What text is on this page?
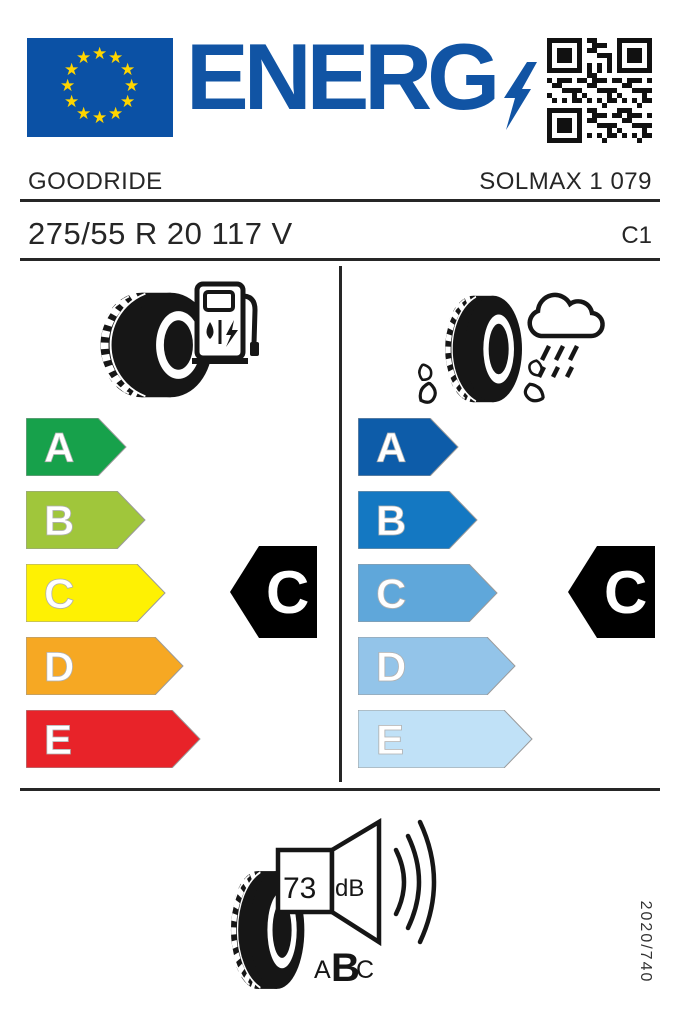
★ ★
★
★
★
★
★
★
★
★
★
★ ENERG
GOODRIDE	SOLMAX 1 079
275/55 R 20 117 V	C1
A
B
C
D
E
C
A
B
C
D
E
C
73 dB
A B
C	2020/740
